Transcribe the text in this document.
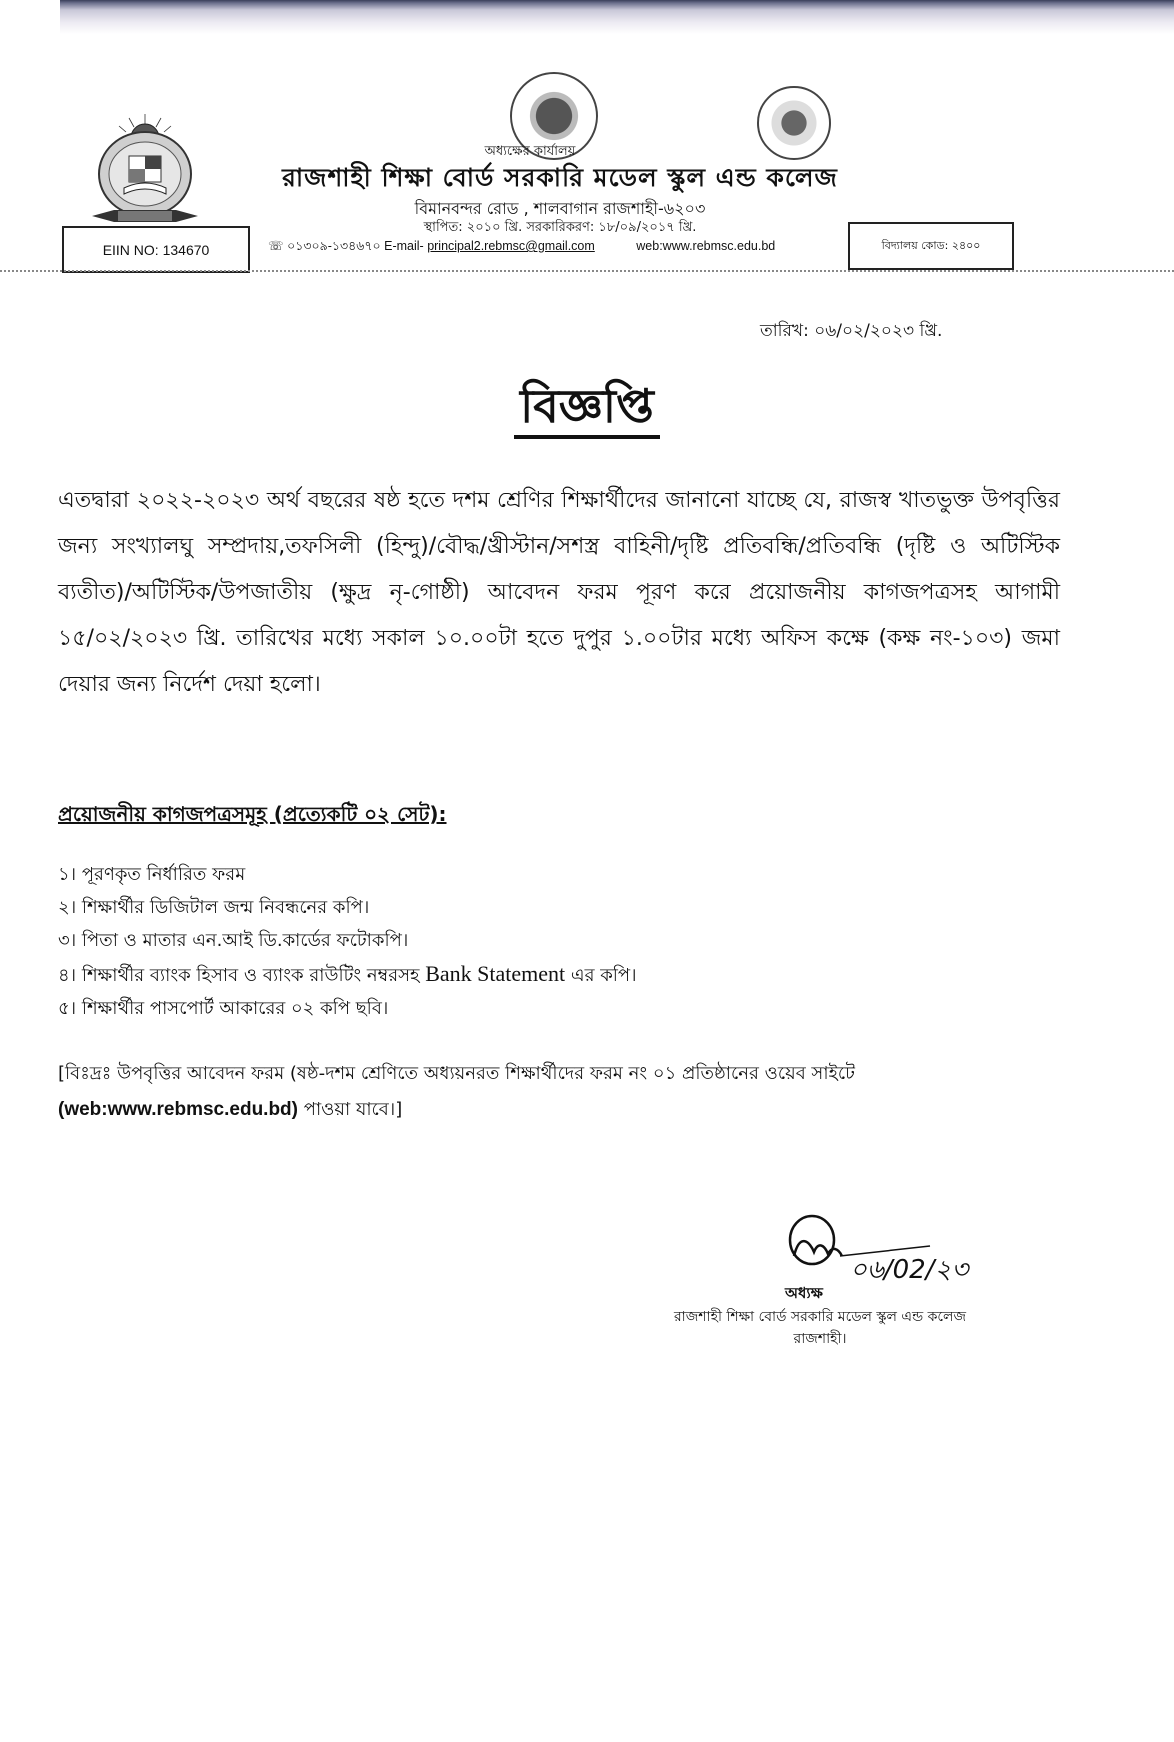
অধ্যক্ষের কার্যালয়
রাজশাহী শিক্ষা বোর্ড সরকারি মডেল স্কুল এন্ড কলেজ
বিমানবন্দর রোড , শালবাগান রাজশাহী-৬২০৩
স্থাপিত: ২০১০ খ্রি. সরকারিকরণ: ১৮/০৯/২০১৭ খ্রি.
☏ ০১৩০৯-১৩৪৬৭০ E-mail- principal2.rebmsc@gmail.com	web:www.rebmsc.edu.bd
EIIN NO: 134670	বিদ্যালয় কোড: ২৪০০
তারিখ: ০৬/০২/২০২৩ খ্রি.
বিজ্ঞপ্তি
এতদ্বারা ২০২২-২০২৩ অর্থ বছরের ষষ্ঠ হতে দশম শ্রেণির শিক্ষার্থীদের জানানো যাচ্ছে যে, রাজস্ব খাতভুক্ত উপবৃত্তির জন্য সংখ্যালঘু সম্প্রদায়,তফসিলী (হিন্দু)/বৌদ্ধ/খ্রীস্টান/সশস্ত্র বাহিনী/দৃষ্টি প্রতিবন্ধি/প্রতিবন্ধি (দৃষ্টি ও অটিস্টিক ব্যতীত)/অটিস্টিক/উপজাতীয় (ক্ষুদ্র নৃ-গোষ্ঠী) আবেদন ফরম পূরণ করে প্রয়োজনীয় কাগজপত্রসহ আগামী ১৫/০২/২০২৩ খ্রি. তারিখের মধ্যে সকাল ১০.০০টা হতে দুপুর ১.০০টার মধ্যে অফিস কক্ষে (কক্ষ নং-১০৩) জমা দেয়ার জন্য নির্দেশ দেয়া হলো।
প্রয়োজনীয় কাগজপত্রসমূহ (প্রত্যেকটি ০২ সেট):
১। পূরণকৃত নির্ধারিত ফরম
২। শিক্ষার্থীর ডিজিটাল জন্ম নিবন্ধনের কপি।
৩। পিতা ও মাতার এন.আই ডি.কার্ডের ফটোকপি।
৪। শিক্ষার্থীর ব্যাংক হিসাব ও ব্যাংক রাউটিং নম্বরসহ Bank Statement এর কপি।
৫। শিক্ষার্থীর পাসপোর্ট আকারের ০২ কপি ছবি।
[বিঃদ্রঃ উপবৃত্তির আবেদন ফরম (ষষ্ঠ-দশম শ্রেণিতে অধ্যয়নরত শিক্ষার্থীদের ফরম নং ০১ প্রতিষ্ঠানের ওয়েব সাইটে (web:www.rebmsc.edu.bd) পাওয়া যাবে।]
০৬/02/২৩
অধ্যক্ষ
রাজশাহী শিক্ষা বোর্ড সরকারি মডেল স্কুল এন্ড কলেজ
রাজশাহী।
